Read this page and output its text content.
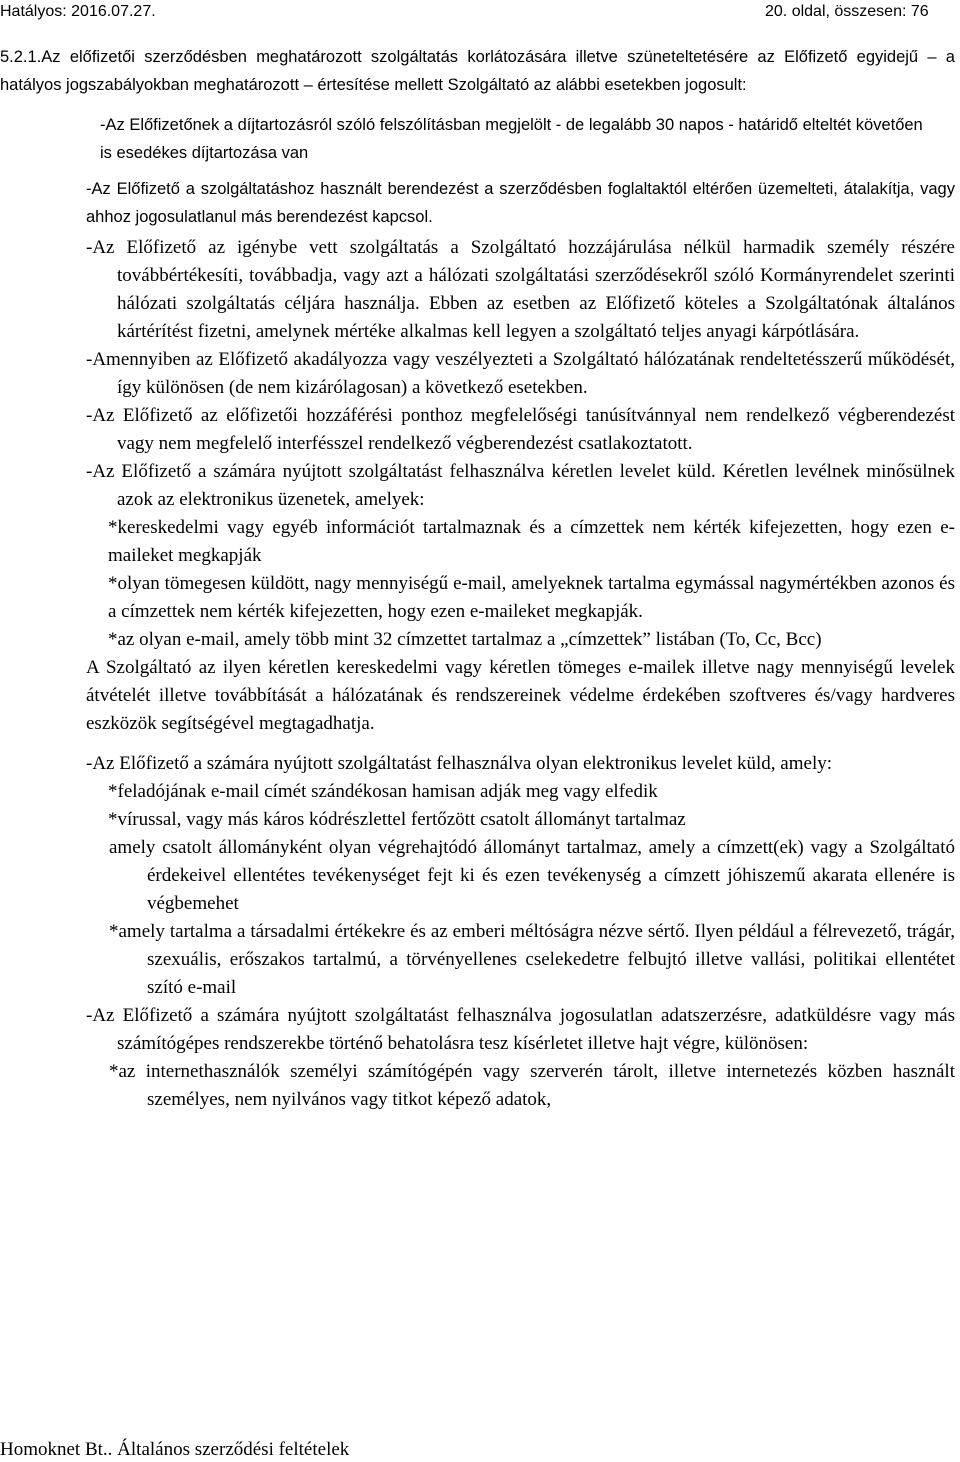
Hatályos: 2016.07.27.	20. oldal, összesen: 76

5.2.1.Az előfizetői szerződésben meghatározott szolgáltatás korlátozására illetve szüneteltetésére az Előfizető egyidejű – a hatályos jogszabályokban meghatározott – értesítése mellett Szolgáltató az alábbi esetekben jogosult:

-Az Előfizetőnek a díjtartozásról szóló felszólításban megjelölt - de legalább 30 napos - határidő elteltét követően is esedékes díjtartozása van

-Az Előfizető a szolgáltatáshoz használt berendezést a szerződésben foglaltaktól eltérően üzemelteti, átalakítja, vagy ahhoz jogosulatlanul más berendezést kapcsol.

-Az Előfizető az igénybe vett szolgáltatás a Szolgáltató hozzájárulása nélkül harmadik személy részére továbbértékesíti, továbbadja, vagy azt a hálózati szolgáltatási szerződésekről szóló Kormányrendelet szerinti hálózati szolgáltatás céljára használja. Ebben az esetben az Előfizető köteles a Szolgáltatónak általános kártérítést fizetni, amelynek mértéke alkalmas kell legyen a szolgáltató teljes anyagi kárpótlására.

-Amennyiben az Előfizető akadályozza vagy veszélyezteti a Szolgáltató hálózatának rendeltetésszerű működését, így különösen (de nem kizárólagosan) a következő esetekben.

-Az Előfizető az előfizetői hozzáférési ponthoz megfelelőségi tanúsítvánnyal nem rendelkező végberendezést vagy nem megfelelő interfésszel rendelkező végberendezést csatlakoztatott.

-Az Előfizető a számára nyújtott szolgáltatást felhasználva kéretlen levelet küld. Kéretlen levélnek minősülnek azok az elektronikus üzenetek, amelyek:

*kereskedelmi vagy egyéb információt tartalmaznak és a címzettek nem kérték kifejezetten, hogy ezen e-maileket megkapják

*olyan tömegesen küldött, nagy mennyiségű e-mail, amelyeknek tartalma egymással nagymértékben azonos és a címzettek nem kérték kifejezetten, hogy ezen e-maileket megkapják.

*az olyan e-mail, amely több mint 32 címzettet tartalmaz a „címzettek” listában (To, Cc, Bcc)

A Szolgáltató az ilyen kéretlen kereskedelmi vagy kéretlen tömeges e-mailek illetve nagy mennyiségű levelek átvételét illetve továbbítását a hálózatának és rendszereinek védelme érdekében szoftveres és/vagy hardveres eszközök segítségével megtagadhatja.

-Az Előfizető a számára nyújtott szolgáltatást felhasználva olyan elektronikus levelet küld, amely:

*feladójának e-mail címét szándékosan hamisan adják meg vagy elfedik

*vírussal, vagy más káros kódrészlettel fertőzött csatolt állományt tartalmaz

amely csatolt állományként olyan végrehajtódó állományt tartalmaz, amely a címzett(ek) vagy a Szolgáltató érdekeivel ellentétes tevékenységet fejt ki és ezen tevékenység a címzett jóhiszemű akarata ellenére is végbemehet

*amely tartalma a társadalmi értékekre és az emberi méltóságra nézve sértő. Ilyen például a félrevezető, trágár, szexuális, erőszakos tartalmú, a törvényellenes cselekedetre felbujtó illetve vallási, politikai ellentétet szító e-mail

-Az Előfizető a számára nyújtott szolgáltatást felhasználva jogosulatlan adatszerzésre, adatküldésre vagy más számítógépes rendszerekbe történő behatolásra tesz kísérletet illetve hajt végre, különösen:

*az internethasználók személyi számítógépén vagy szerverén tárolt, illetve internetezés közben használt személyes, nem nyilvános vagy titkot képező adatok,

Homoknet Bt.. Általános szerződési feltételek
